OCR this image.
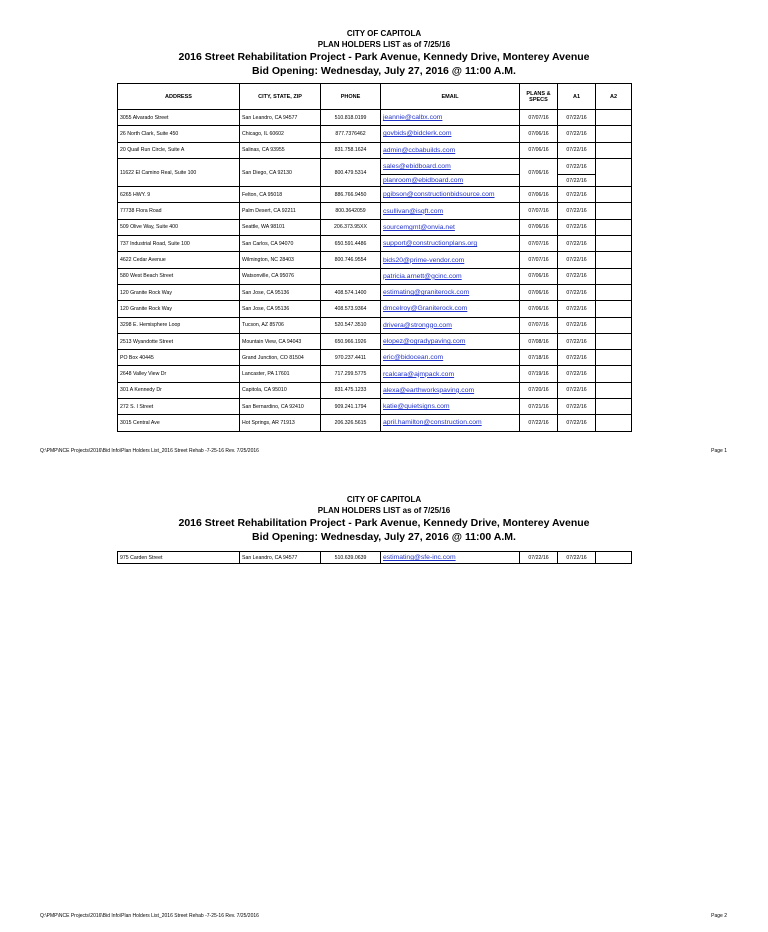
CITY OF CAPITOLA
PLAN HOLDERS LIST as of 7/25/16
2016 Street Rehabilitation Project - Park Avenue, Kennedy Drive, Monterey Avenue
Bid Opening: Wednesday, July 27, 2016 @ 11:00 A.M.
ADDRESS	CITY, STATE, ZIP	PHONE	EMAIL	PLANS & SPECS	A1	A2
3055 Alvarado Street	San Leandro, CA 94577	510.818.0199	jeannie@calbx.com	07/07/16	07/22/16	
26 North Clark, Suite 450	Chicago, IL 60602	877.7376462	govbids@bidclerk.com	07/06/16	07/22/16	
20 Quail Run Circle, Suite A	Salinas, CA 93955	831.758.1624	admin@ccbabuilds.com	07/06/16	07/22/16	
11622 El Camino Real, Suite 100	San Diego, CA 92130	800.479.5314	sales@ebidboard.com	07/06/16	07/22/16	
			planroom@ebidboard.com		07/22/16	
6265 HWY. 9	Felton, CA 95018	886.766.9450	pgibson@constructionbidsource.com	07/06/16	07/22/16	
77738 Flora Road	Palm Desert, CA 92211	800.3642059	csullivan@isqft.com	07/07/16	07/22/16	
509 Olive Way, Suite 400	Seattle, WA 98101	206.373.95XX	sourcemgmt@onvia.net	07/06/16	07/22/16	
737 Industrial Road, Suite 100	San Carlos, CA 94070	650.591.4486	support@constructionplans.org	07/07/16	07/22/16	
4622 Cedar Avenue	Wilmington, NC 28403	800.746.9554	bids20@prime-vendor.com	07/07/16	07/22/16	
580 West Beach Street	Watsonville, CA 95076		patricia.arnett@gcinc.com	07/06/16	07/22/16	
120 Granite Rock Way	San Jose, CA 95136	408.574.1400	estimating@graniterock.com	07/06/16	07/22/16	
120 Granite Rock Way	San Jose, CA 95136	408.573.9364	dmcelroy@Graniterock.com	07/06/16	07/22/16	
3298 E. Hemisphere Loop	Tucson, AZ 85706	520.547.3510	drivera@stronggo.com	07/07/16	07/22/16	
2513 Wyandotte Street	Mountain View, CA 94043	650.966.1926	elopez@ogradypaving.com	07/08/16	07/22/16	
PO Box 40445	Grand Junction, CO 81504	970.237.4411	eric@bidocean.com	07/18/16	07/22/16	
2648 Valley View Dr	Lancaster, PA 17601	717.299.5775	rcalcara@ajmpack.com	07/19/16	07/22/16	
301 A Kennedy Dr	Capitola, CA 95010	831.475.1233	alexa@earthworkspaving.com	07/20/16	07/22/16	
272 S. I Street	San Bernardino, CA 92410	909.241.1794	katie@quietsigns.com	07/21/16	07/22/16	
3015 Central Ave	Hot Springs, AR 71913	206.326.5615	april.hamilton@construction.com	07/22/16	07/22/16	
Q:\PMP\NCE Projects\2016\Bid Info\Plan Holders List_2016 Street Rehab -7-25-16 Rev. 7/25/2016	Page 1
CITY OF CAPITOLA
PLAN HOLDERS LIST as of 7/25/16
2016 Street Rehabilitation Project - Park Avenue, Kennedy Drive, Monterey Avenue
Bid Opening: Wednesday, July 27, 2016 @ 11:00 A.M.
975 Carden Street	San Leandro, CA 94577	510.639.0639	estimating@sfe-inc.com	07/22/16	07/22/16	
Q:\PMP\NCE Projects\2016\Bid Info\Plan Holders List_2016 Street Rehab -7-25-16 Rev. 7/25/2016	Page 2
